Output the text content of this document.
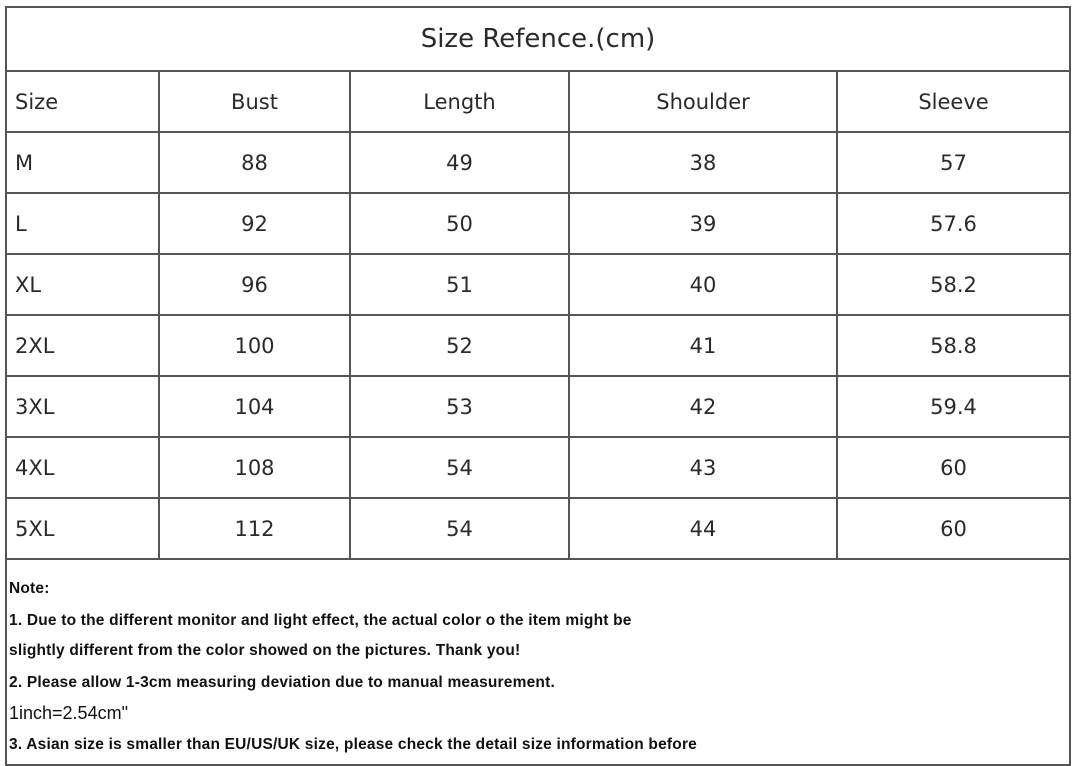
Size Refence.(cm)
Size	Bust	Length	Shoulder	Sleeve
M	88	49	38	57
L	92	50	39	57.6
XL	96	51	40	58.2
2XL	100	52	41	58.8
3XL	104	53	42	59.4
4XL	108	54	43	60
5XL	112	54	44	60
Note:
1. Due to the different monitor and light effect, the actual color o the item might be
slightly different from the color showed on the pictures. Thank you!
2. Please allow 1-3cm measuring deviation due to manual measurement.
1inch=2.54cm"
3. Asian size is smaller than EU/US/UK size, please check the detail size information before
